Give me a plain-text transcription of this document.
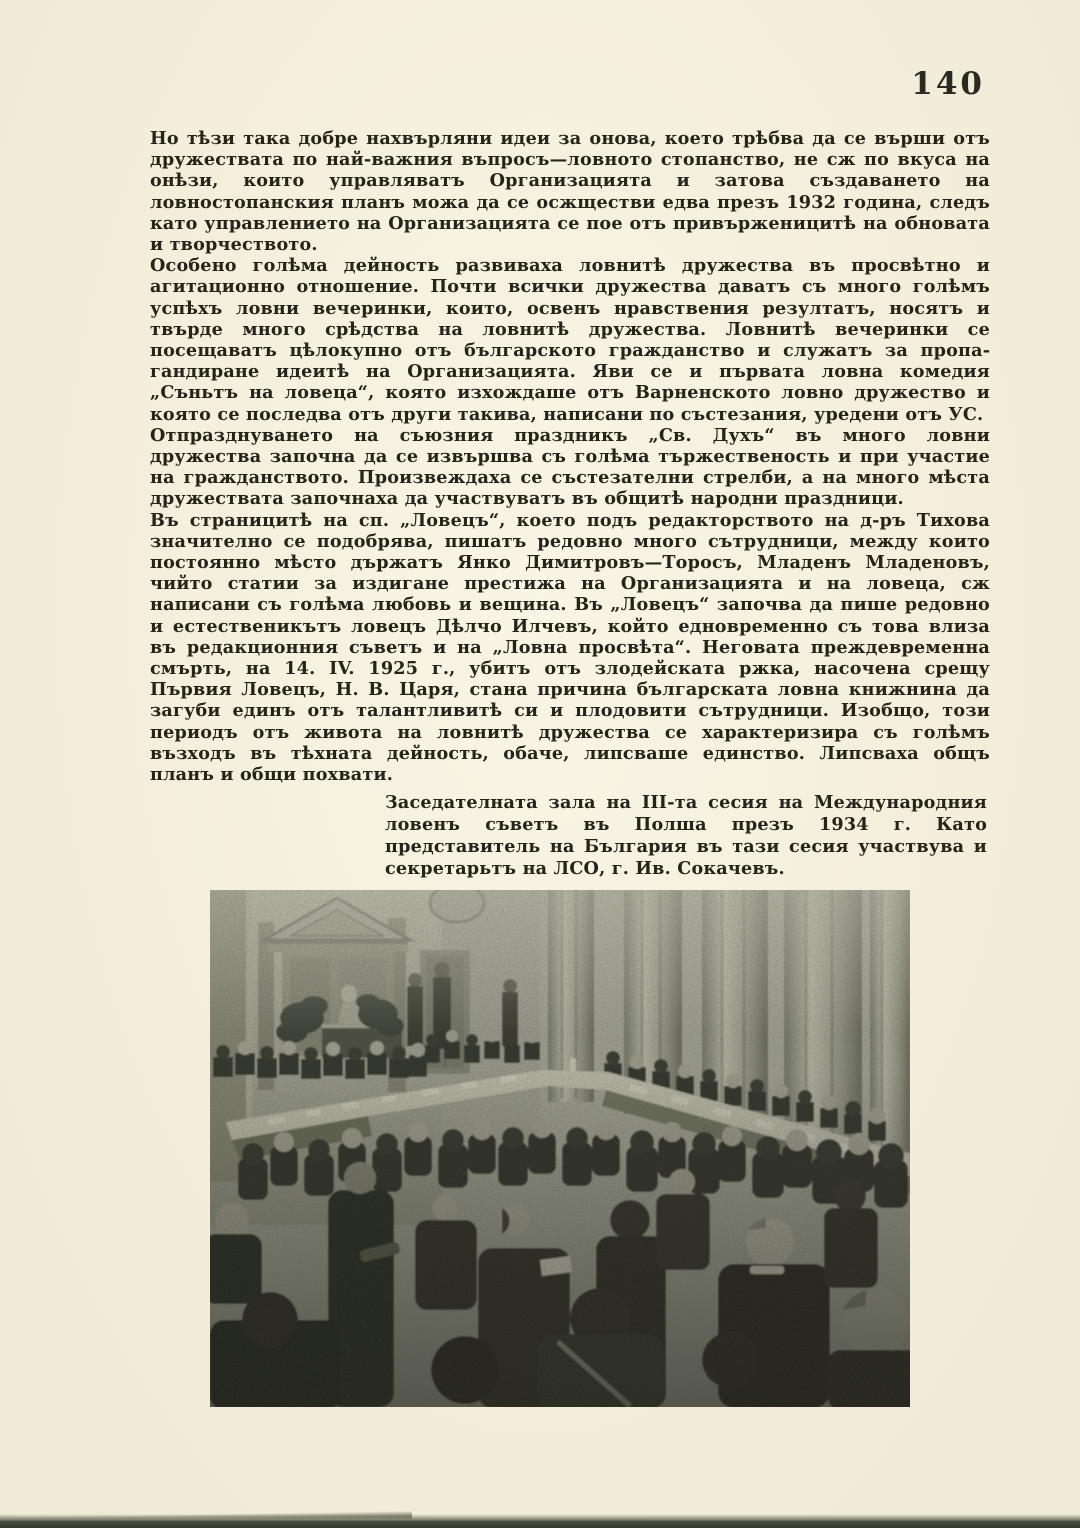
140

Но тѣзи така добре нахвърляни идеи за онова, което трѣбва да се върши отъ дружествата по най-важния въпросъ—ловното стопанство, не сж по вкуса на онѣзи, които управляватъ Организацията и затова създаването на ловностопанския планъ можа да се осжществи едва презъ 1932 година, следъ като управлението на Организацията се пое отъ привърженицитѣ на обновата и творчеството.

Особено голѣма дейность развиваха ловнитѣ дружества въ просвѣтно и агитационно отношение. Почти всички дружества даватъ съ много голѣмъ успѣхъ ловни вечеринки, които, освенъ нравствения резултатъ, носятъ и твърде много срѣдства на ловнитѣ дружества. Ловнитѣ вечеринки се посещаватъ цѣлокупно отъ българското гражданство и служатъ за пропагандиране идеитѣ на Организацията. Яви се и първата ловна комедия „Съньтъ на ловеца“, която изхождаше отъ Варненското ловно дружество и която се последва отъ други такива, написани по състезания, уредени отъ УС.

Отпразднуването на съюзния праздникъ „Св. Духъ“ въ много ловни дружества започна да се извършва съ голѣма тържественость и при участие на гражданството. Произвеждаха се състезателни стрелби, а на много мѣста дружествата започнаха да участвуватъ въ общитѣ народни праздници.

Въ страницитѣ на сп. „Ловецъ“, което подъ редакторството на д-ръ Тихова значително се подобрява, пишатъ редовно много сътрудници, между които постоянно мѣсто държатъ Янко Димитровъ—Торосъ, Младенъ Младеновъ, чийто статии за издигане престижа на Организацията и на ловеца, сж написани съ голѣма любовь и вещина. Въ „Ловецъ“ започва да пише редовно и естественикътъ ловецъ Дѣлчо Илчевъ, който едновременно съ това влиза въ редакционния съветъ и на „Ловна просвѣта“. Неговата преждевременна смърть, на 14. IV. 1925 г., убитъ отъ злодейската ржка, насочена срещу Първия Ловецъ, Н. В. Царя, стана причина българската ловна книжнина да загуби единъ отъ талантливитѣ си и плодовити сътрудници. Изобщо, този периодъ отъ живота на ловнитѣ дружества се характеризира съ голѣмъ възходъ въ тѣхната дейность, обаче, липсваше единство. Липсваха общъ планъ и общи похвати.

Заседателната зала на III-та сесия на Международния ловенъ съветъ въ Полша презъ 1934 г. Като представитель на България въ тази сесия участвува и секретарьтъ на ЛСО, г. Ив. Сокачевъ.
